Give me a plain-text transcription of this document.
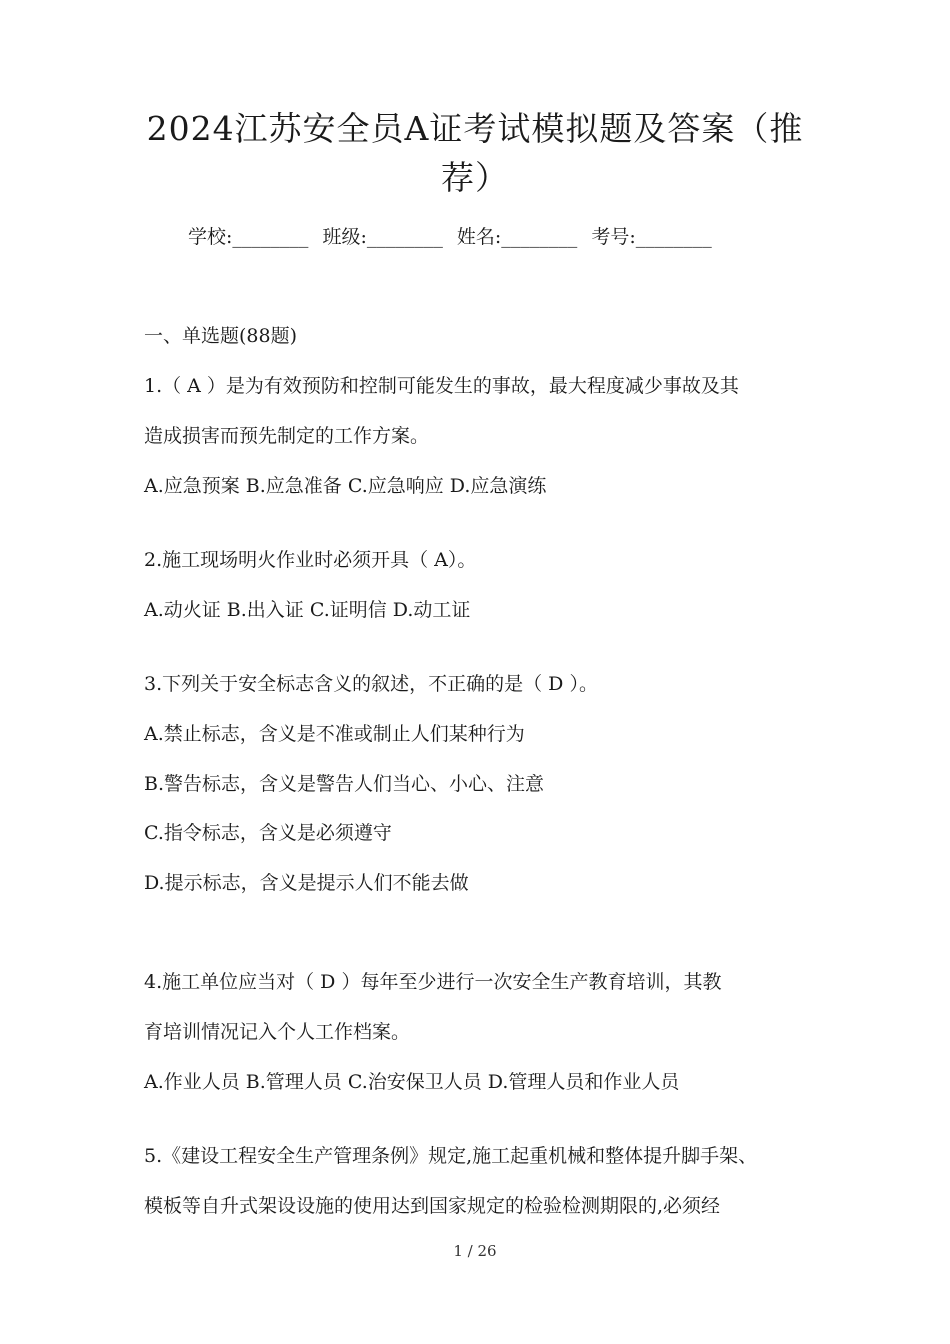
2024江苏安全员A证考试模拟题及答案（推
荐）
学校:________ 班级:________ 姓名:________ 考号:________
一、单选题(88题)
1.（ A ）是为有效预防和控制可能发生的事故，最大程度减少事故及其
造成损害而预先制定的工作方案。
A.应急预案 B.应急准备 C.应急响应 D.应急演练
2.施工现场明火作业时必须开具（ A）。
A.动火证 B.出入证 C.证明信 D.动工证
3.下列关于安全标志含义的叙述，不正确的是（ D ）。
A.禁止标志，含义是不准或制止人们某种行为
B.警告标志，含义是警告人们当心、小心、注意
C.指令标志，含义是必须遵守
D.提示标志，含义是提示人们不能去做
4.施工单位应当对（ D ）每年至少进行一次安全生产教育培训，其教
育培训情况记入个人工作档案。
A.作业人员 B.管理人员 C.治安保卫人员 D.管理人员和作业人员
5.《建设工程安全生产管理条例》规定,施工起重机械和整体提升脚手架、
模板等自升式架设设施的使用达到国家规定的检验检测期限的,必须经
1 / 26
